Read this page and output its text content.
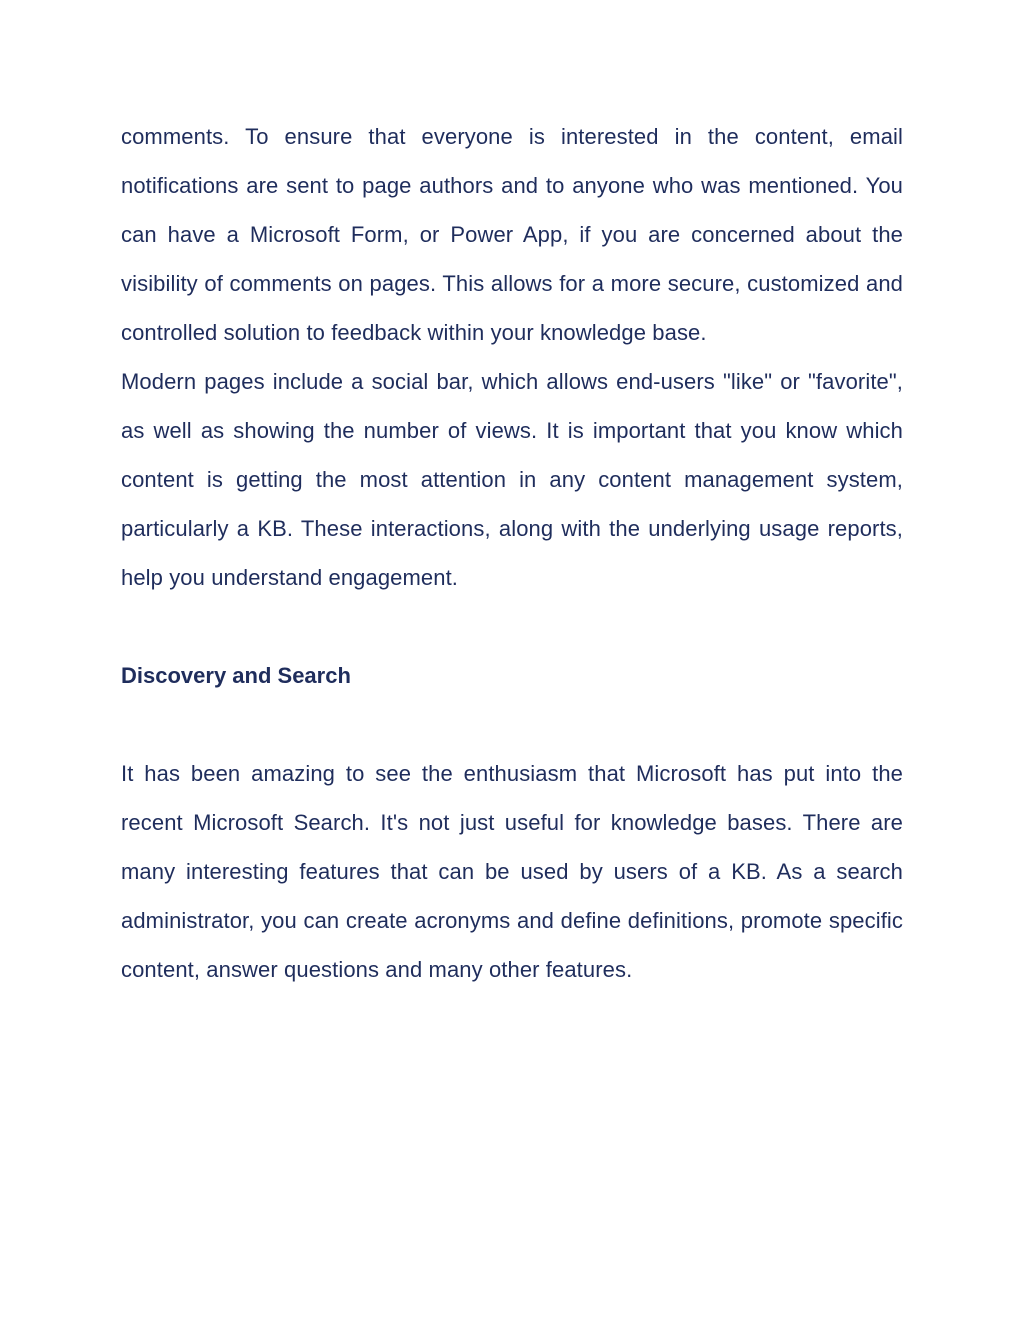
comments. To ensure that everyone is interested in the content, email notifications are sent to page authors and to anyone who was mentioned. You can have a Microsoft Form, or Power App, if you are concerned about the visibility of comments on pages. This allows for a more secure, customized and controlled solution to feedback within your knowledge base.

Modern pages include a social bar, which allows end-users "like" or "favorite", as well as showing the number of views. It is important that you know which content is getting the most attention in any content management system, particularly a KB. These interactions, along with the underlying usage reports, help you understand engagement.

Discovery and Search

It has been amazing to see the enthusiasm that Microsoft has put into the recent Microsoft Search. It's not just useful for knowledge bases. There are many interesting features that can be used by users of a KB. As a search administrator, you can create acronyms and define definitions, promote specific content, answer questions and many other features.
